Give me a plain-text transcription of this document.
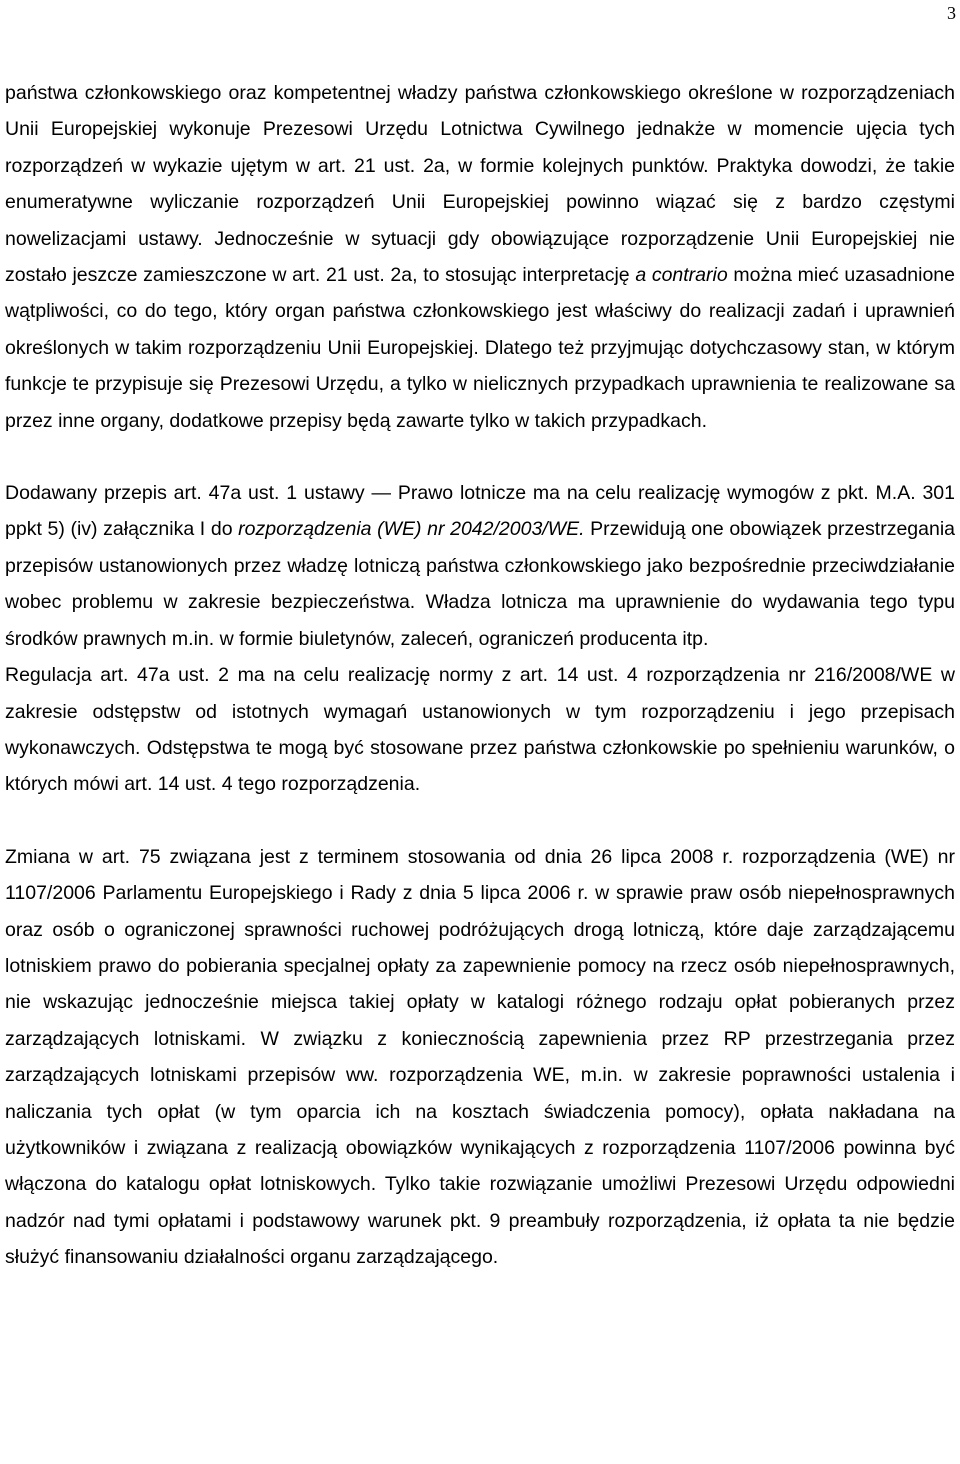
3

państwa członkowskiego oraz kompetentnej władzy państwa członkowskiego określone w rozporządzeniach Unii Europejskiej wykonuje Prezesowi Urzędu Lotnictwa Cywilnego jednakże w momencie ujęcia tych rozporządzeń w wykazie ujętym w art. 21 ust. 2a, w formie kolejnych punktów. Praktyka dowodzi, że takie enumeratywne wyliczanie rozporządzeń Unii Europejskiej powinno wiązać się z bardzo częstymi nowelizacjami ustawy. Jednocześnie w sytuacji gdy obowiązujące rozporządzenie Unii Europejskiej nie zostało jeszcze zamieszczone w art. 21 ust. 2a, to stosując interpretację a contrario można mieć uzasadnione wątpliwości, co do tego, który organ państwa członkowskiego jest właściwy do realizacji zadań i uprawnień określonych w takim rozporządzeniu Unii Europejskiej. Dlatego też przyjmując dotychczasowy stan, w którym funkcje te przypisuje się Prezesowi Urzędu, a tylko w nielicznych przypadkach uprawnienia te realizowane sa przez inne organy, dodatkowe przepisy będą zawarte tylko w takich przypadkach.

Dodawany przepis art. 47a ust. 1 ustawy — Prawo lotnicze ma na celu realizację wymogów z pkt. M.A. 301 ppkt 5) (iv) załącznika I do rozporządzenia (WE) nr 2042/2003/WE. Przewidują one obowiązek przestrzegania przepisów ustanowionych przez władzę lotniczą państwa członkowskiego jako bezpośrednie przeciwdziałanie wobec problemu w zakresie bezpieczeństwa. Władza lotnicza ma uprawnienie do wydawania tego typu środków prawnych m.in. w formie biuletynów, zaleceń, ograniczeń producenta itp.

Regulacja art. 47a ust. 2 ma na celu realizację normy z art. 14 ust. 4 rozporządzenia nr 216/2008/WE w zakresie odstępstw od istotnych wymagań ustanowionych w tym rozporządzeniu i jego przepisach wykonawczych. Odstępstwa te mogą być stosowane przez państwa członkowskie po spełnieniu warunków, o których mówi art. 14 ust. 4 tego rozporządzenia.

Zmiana w art. 75 związana jest z terminem stosowania od dnia 26 lipca 2008 r. rozporządzenia (WE) nr 1107/2006 Parlamentu Europejskiego i Rady z dnia 5 lipca 2006 r. w sprawie praw osób niepełnosprawnych oraz osób o ograniczonej sprawności ruchowej podróżujących drogą lotniczą, które daje zarządzającemu lotniskiem prawo do pobierania specjalnej opłaty za zapewnienie pomocy na rzecz osób niepełnosprawnych, nie wskazując jednocześnie miejsca takiej opłaty w katalogi różnego rodzaju opłat pobieranych przez zarządzających lotniskami. W związku z koniecznością zapewnienia przez RP przestrzegania przez zarządzających lotniskami przepisów ww. rozporządzenia WE, m.in. w zakresie poprawności ustalenia i naliczania tych opłat (w tym oparcia ich na kosztach świadczenia pomocy), opłata nakładana na użytkowników i związana z realizacją obowiązków wynikających z rozporządzenia 1107/2006 powinna być włączona do katalogu opłat lotniskowych. Tylko takie rozwiązanie umożliwi Prezesowi Urzędu odpowiedni nadzór nad tymi opłatami i podstawowy warunek pkt. 9 preambuły rozporządzenia, iż opłata ta nie będzie służyć finansowaniu działalności organu zarządzającego.
